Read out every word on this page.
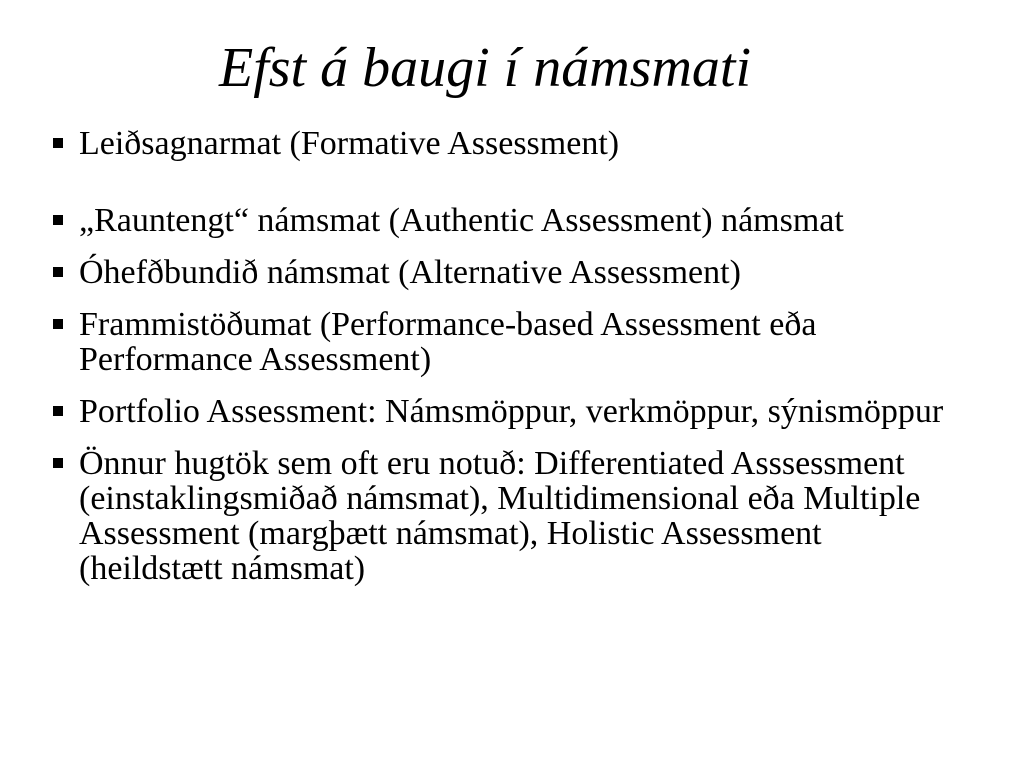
Efst á baugi í námsmati
Leiðsagnarmat (Formative Assessment)
„Rauntengt“ námsmat (Authentic Assessment) námsmat
Óhefðbundið námsmat (Alternative Assessment)
Frammistöðumat (Performance-based Assessment eða Performance Assessment)
Portfolio Assessment: Námsmöppur, verkmöppur, sýnismöppur
Önnur hugtök sem oft eru notuð: Differentiated Asssessment (einstaklingsmiðað námsmat), Multidimensional eða Multiple Assessment (margþætt námsmat), Holistic Assessment (heildstætt námsmat)
